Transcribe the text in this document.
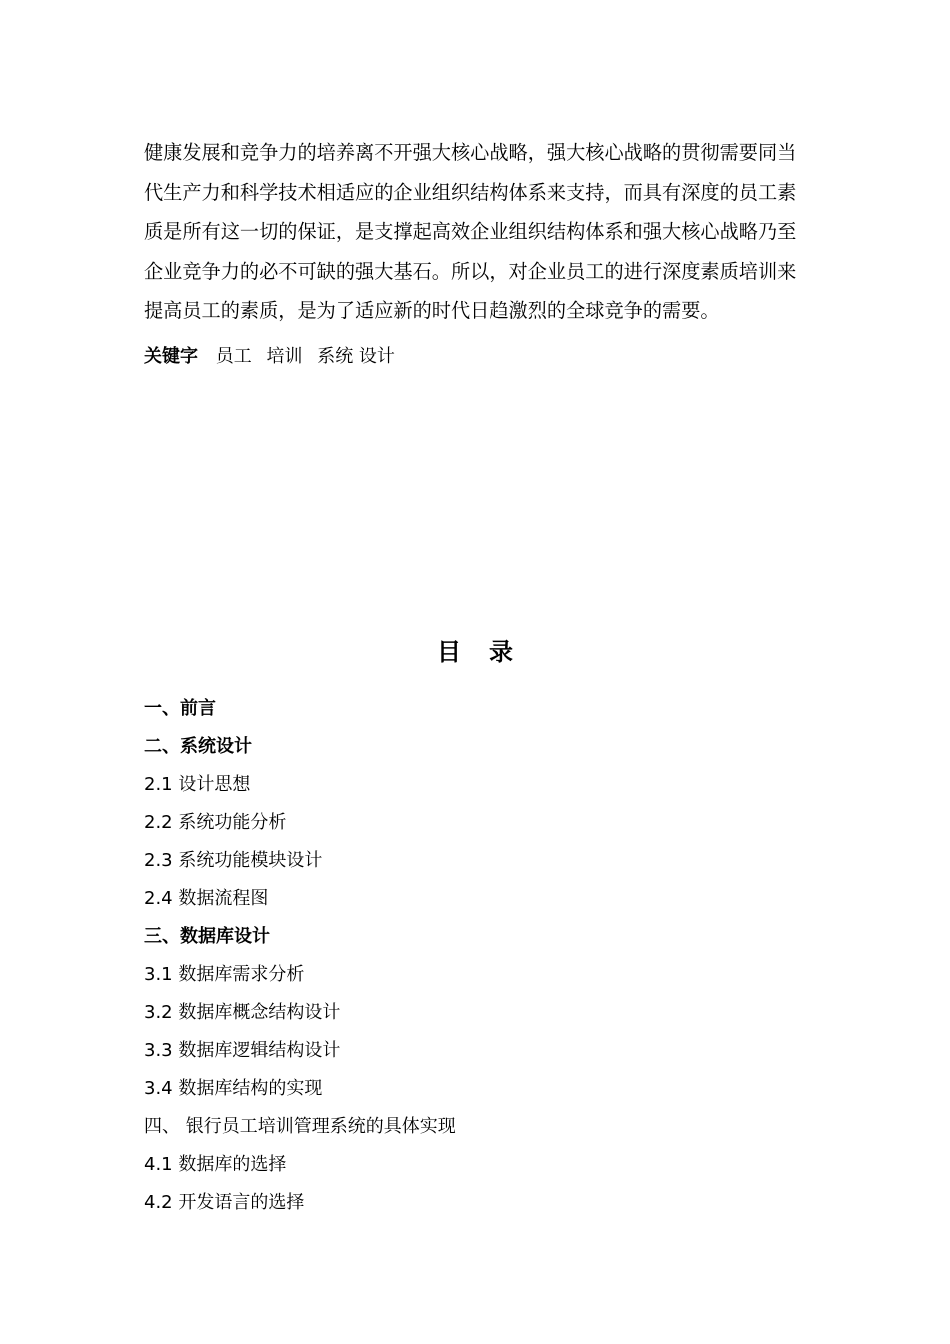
健康发展和竞争力的培养离不开强大核心战略，强大核心战略的贯彻需要同当
代生产力和科学技术相适应的企业组织结构体系来支持，而具有深度的员工素
质是所有这一切的保证，是支撑起高效企业组织结构体系和强大核心战略乃至
企业竞争力的必不可缺的强大基石。所以，对企业员工的进行深度素质培训来
提高员工的素质，是为了适应新的时代日趋激烈的全球竞争的需要。
关键字 员工 培训 系统 设计
目录
一、前言
二、系统设计
2.1 设计思想
2.2 系统功能分析
2.3 系统功能模块设计
2.4 数据流程图
三、数据库设计
3.1 数据库需求分析
3.2 数据库概念结构设计
3.3 数据库逻辑结构设计
3.4 数据库结构的实现
四、 银行员工培训管理系统的具体实现
4.1 数据库的选择
4.2 开发语言的选择
